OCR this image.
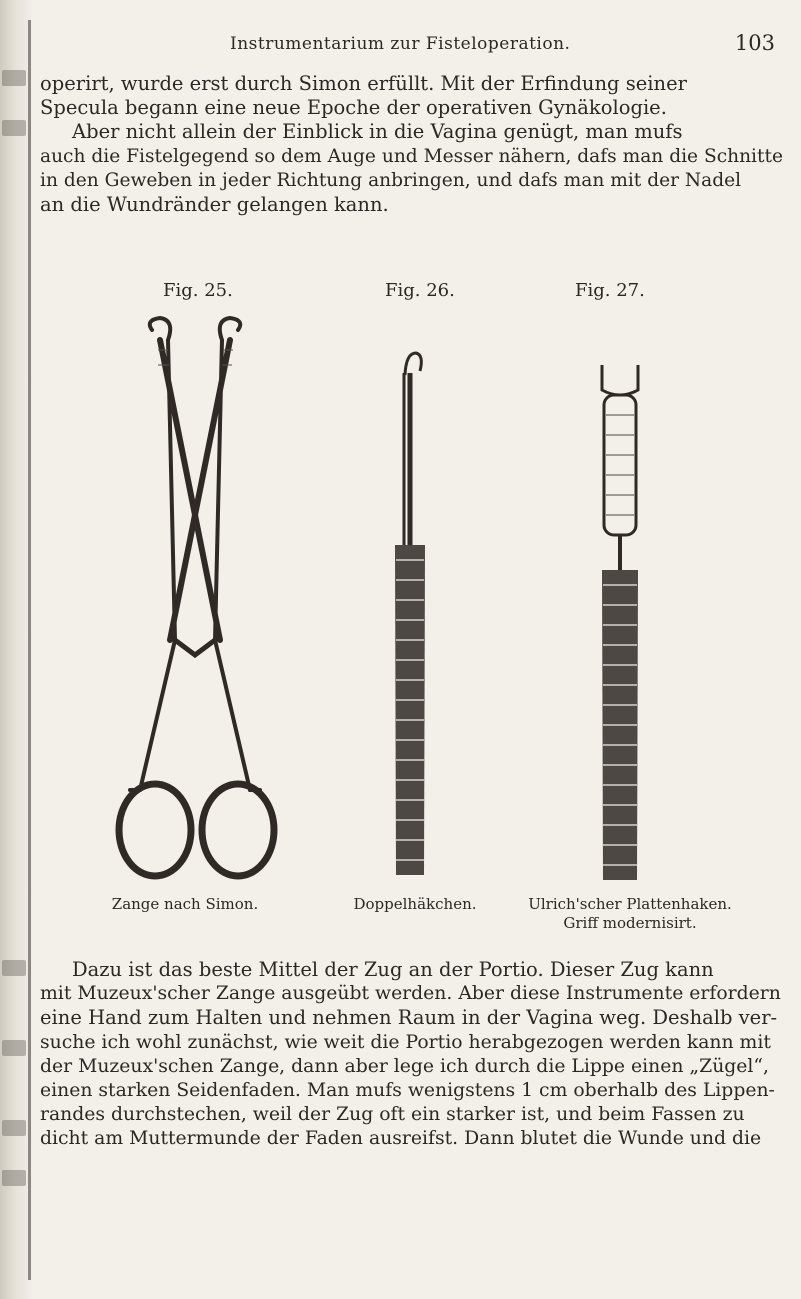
Instrumentarium zur Fisteloperation.	103
operirt, wurde erst durch Simon erfüllt. Mit der Erfindung seiner
Specula begann eine neue Epoche der operativen Gynäkologie.
Aber nicht allein der Einblick in die Vagina genügt, man mufs
auch die Fistelgegend so dem Auge und Messer nähern, dafs man die Schnitte
in den Geweben in jeder Richtung anbringen, und dafs man mit der Nadel
an die Wundränder gelangen kann.
Fig. 25.	Fig. 26.	Fig. 27.
Zange nach Simon.	Doppelhäkchen.	Ulrich'scher Plattenhaken.
Griff modernisirt.
Dazu ist das beste Mittel der Zug an der Portio. Dieser Zug kann
mit Muzeux'scher Zange ausgeübt werden. Aber diese Instrumente erfordern
eine Hand zum Halten und nehmen Raum in der Vagina weg. Deshalb ver-
suche ich wohl zunächst, wie weit die Portio herabgezogen werden kann mit
der Muzeux'schen Zange, dann aber lege ich durch die Lippe einen „Zügel“,
einen starken Seidenfaden. Man mufs wenigstens 1 cm oberhalb des Lippen-
randes durchstechen, weil der Zug oft ein starker ist, und beim Fassen zu
dicht am Muttermunde der Faden ausreifst. Dann blutet die Wunde und die
